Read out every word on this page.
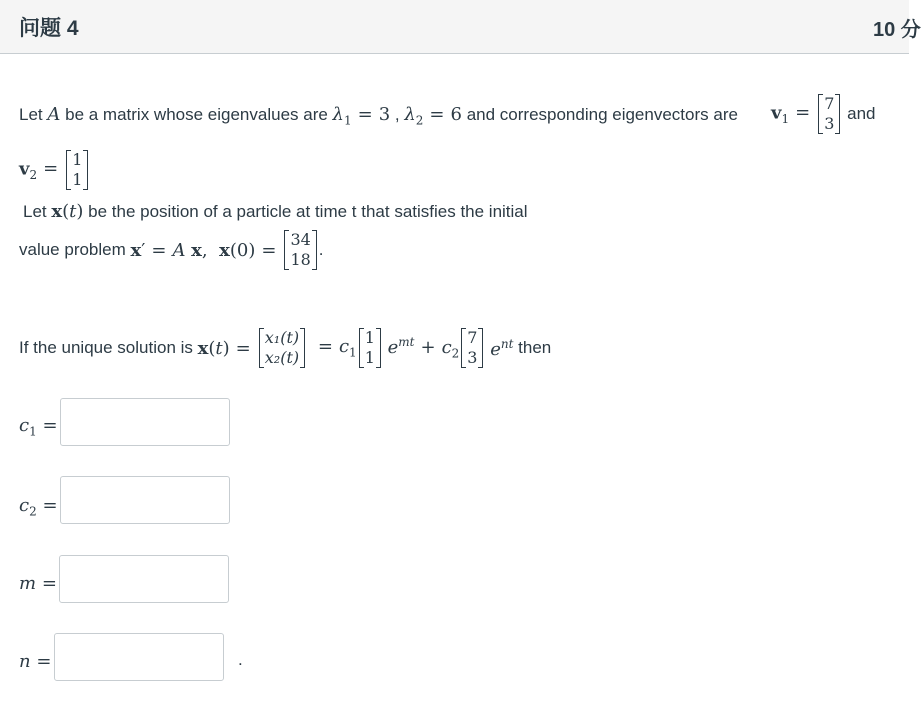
问题 4	10 分
Let A be a matrix whose eigenvalues are $\lambda_1 = 3$ , $\lambda_2 = 6$ and corresponding eigenvectors are $v_1 = 7$
3
and
$v_2 = 1$
1
Let x(t) be the position of a particle at time t that satisfies the initial
value problem x′ = A x, x(0) = 34
18
.
If the unique solution is x(t) = x₁(t)
x₂(t)
= $c_1$
1
1 $e^{mt} + c_2$
7
3 $e^{nt}$ then
$c_1$ =
$c_2$ =
m =
n =	.
